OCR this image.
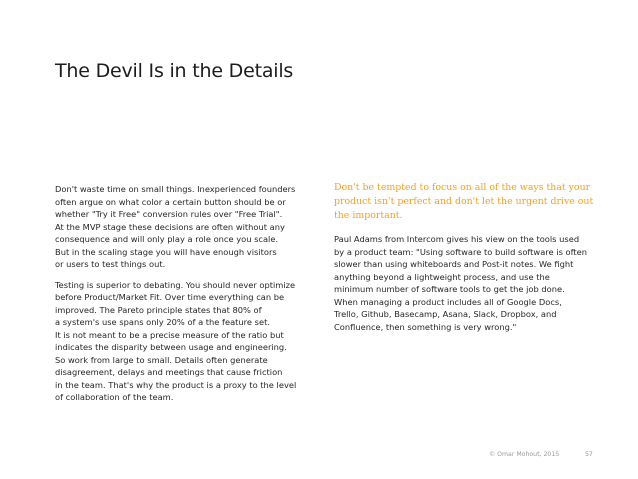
The Devil Is in the Details

Don't waste time on small things. Inexperienced founders
often argue on what color a certain button should be or
whether "Try it Free" conversion rules over "Free Trial".
At the MVP stage these decisions are often without any
consequence and will only play a role once you scale.
But in the scaling stage you will have enough visitors
or users to test things out.

Testing is superior to debating. You should never optimize
before Product/Market Fit. Over time everything can be
improved. The Pareto principle states that 80% of
a system's use spans only 20% of a the feature set.
It is not meant to be a precise measure of the ratio but
indicates the disparity between usage and engineering.
So work from large to small. Details often generate
disagreement, delays and meetings that cause friction
in the team. That's why the product is a proxy to the level
of collaboration of the team.

Don't be tempted to focus on all of the ways that your
product isn't perfect and don't let the urgent drive out
the important.

Paul Adams from Intercom gives his view on the tools used
by a product team: "Using software to build software is often
slower than using whiteboards and Post-it notes. We fight
anything beyond a lightweight process, and use the
minimum number of software tools to get the job done.
When managing a product includes all of Google Docs,
Trello, Github, Basecamp, Asana, Slack, Dropbox, and
Confluence, then something is very wrong."

© Omar Mohout, 2015	57
